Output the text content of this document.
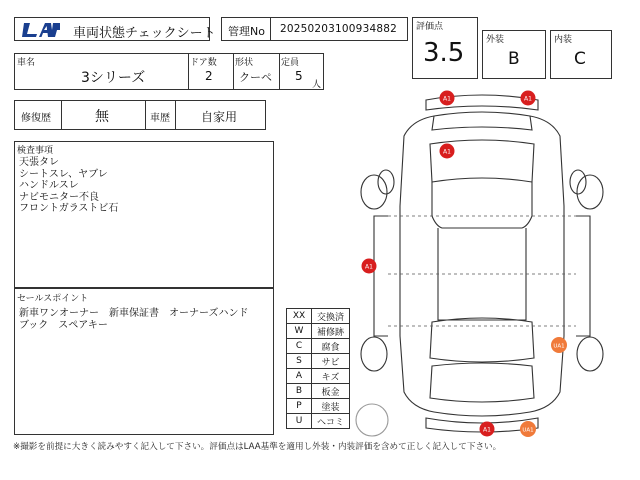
車両状態チェックシート 管理No 20250203100934882 評価点
3.5 外装
B
内装
C
車名
3シリーズ
ドア数
2
形状
クーペ
定員
5
人
修復歴	無	車歴	自家用
検査事項
天張タレ
シートスレ、ヤブレ
ハンドルスレ
ナビモニター不良
フロントガラストビ石
セールスポイント
新車ワンオーナー　新車保証書　オーナーズハンド
ブック　スペアキー
XX	交換済
W	補修跡
C	腐食
S	サビ
A	キズ
B	板金
P	塗装
U	ヘコミ
A1	A1
A1
A1
UA1
A1	UA1
※撮影を前提に大きく読みやすく記入して下さい。評価点はLAA基準を適用し外装・内装評価を含めて正しく記入して下さい。
